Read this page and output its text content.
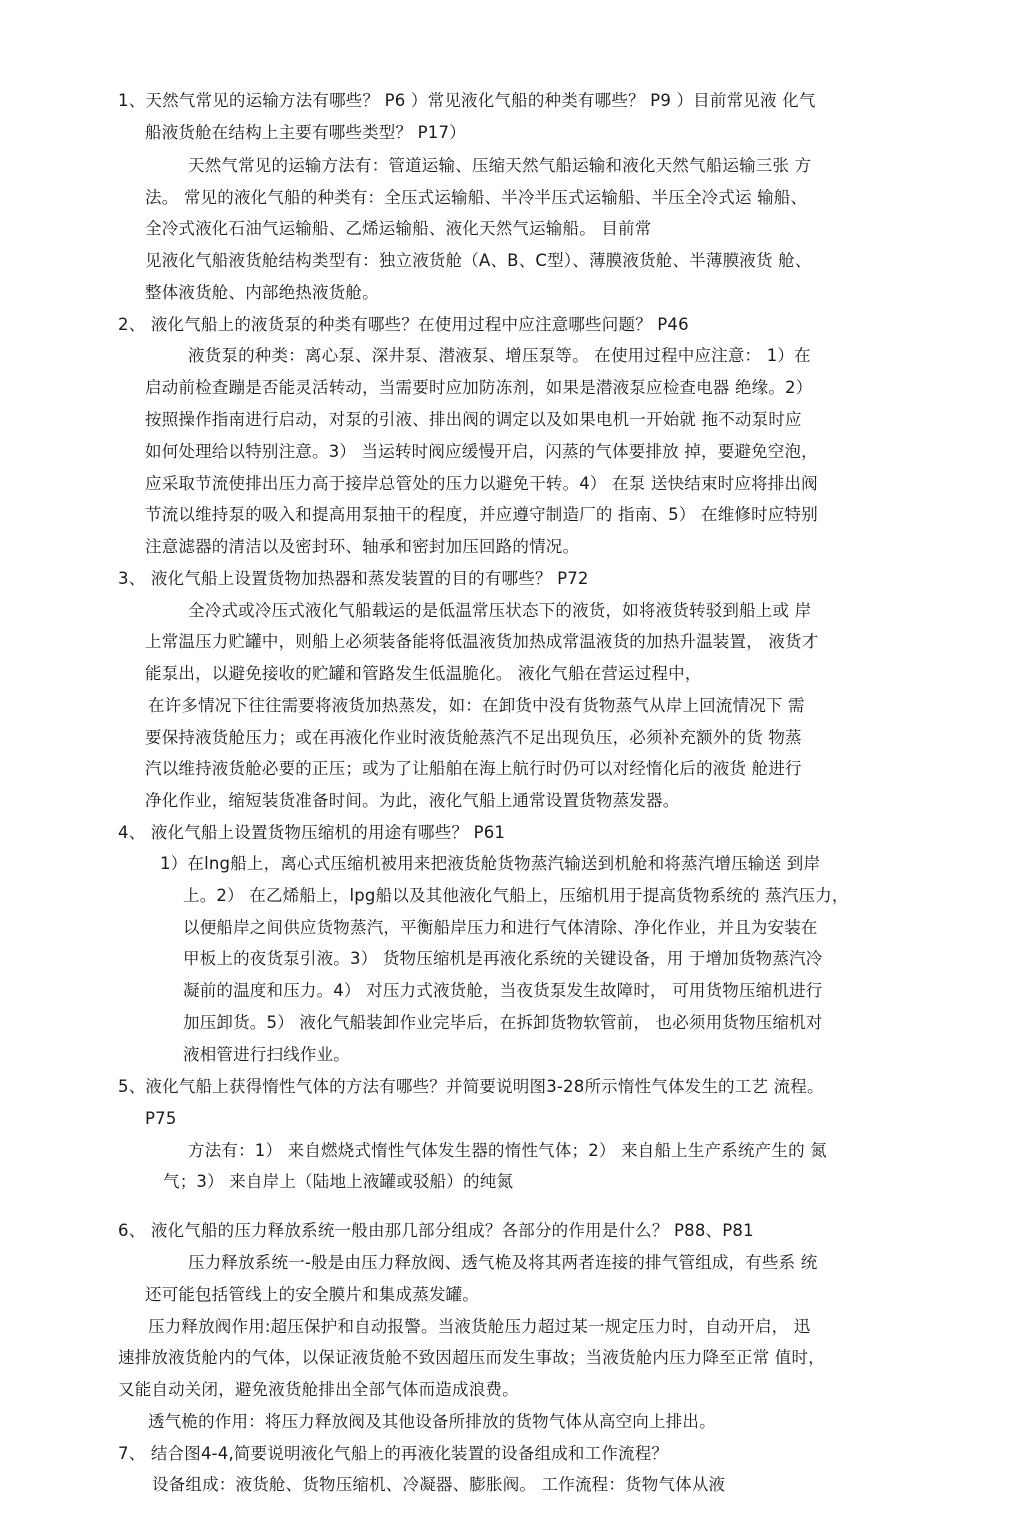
1、天然气常见的运输方法有哪些？ P6 ）常见液化气船的种类有哪些？ P9 ）目前常见液 化气
船液货舱在结构上主要有哪些类型？ P17）
天然气常见的运输方法有：管道运输、压缩天然气船运输和液化天然气船运输三张 方
法。 常见的液化气船的种类有：全压式运输船、半冷半压式运输船、半压全冷式运 输船、
全冷式液化石油气运输船、乙烯运输船、液化天然气运输船。 目前常
见液化气船液货舱结构类型有：独立液货舱（A、B、C型）、薄膜液货舱、半薄膜液货 舱、
整体液货舱、内部绝热液货舱。
2、 液化气船上的液货泵的种类有哪些？在使用过程中应注意哪些问题？ P46
液货泵的种类：离心泵、深井泵、潜液泵、增压泵等。 在使用过程中应注意： 1）在
启动前检查蹦是否能灵活转动，当需要时应加防冻剂，如果是潜液泵应检查电器 绝缘。2）
按照操作指南进行启动，对泵的引液、排出阀的调定以及如果电机一开始就 拖不动泵时应
如何处理给以特别注意。3） 当运转时阀应缓慢开启，闪蒸的气体要排放 掉，要避免空泡，
应采取节流使排出压力高于接岸总管处的压力以避免干转。4） 在泵 送快结束时应将排出阀
节流以维持泵的吸入和提高用泵抽干的程度，并应遵守制造厂的 指南、5） 在维修时应特别
注意滤器的清洁以及密封环、轴承和密封加压回路的情况。
3、 液化气船上设置货物加热器和蒸发装置的目的有哪些？ P72
全冷式或冷压式液化气船载运的是低温常压状态下的液货，如将液货转驳到船上或 岸
上常温压力贮罐中，则船上必须装备能将低温液货加热成常温液货的加热升温装置， 液货才
能泵出，以避免接收的贮罐和管路发生低温脆化。 液化气船在营运过程中，
在许多情况下往往需要将液货加热蒸发，如：在卸货中没有货物蒸气从岸上回流情况下 需
要保持液货舱压力；或在再液化作业时液货舱蒸汽不足出现负压，必须补充额外的货 物蒸
汽以维持液货舱必要的正压；或为了让船舶在海上航行时仍可以对经惰化后的液货 舱进行
净化作业，缩短装货准备时间。为此，液化气船上通常设置货物蒸发器。
4、 液化气船上设置货物压缩机的用途有哪些？ P61
1）在lng船上，离心式压缩机被用来把液货舱货物蒸汽输送到机舱和将蒸汽增压输送 到岸
上。2） 在乙烯船上，lpg船以及其他液化气船上，压缩机用于提高货物系统的 蒸汽压力，
以便船岸之间供应货物蒸汽，平衡船岸压力和进行气体清除、净化作业，并且为安装在
甲板上的夜货泵引液。3） 货物压缩机是再液化系统的关键设备，用 于增加货物蒸汽冷
凝前的温度和压力。4） 对压力式液货舱，当夜货泵发生故障时， 可用货物压缩机进行
加压卸货。5） 液化气船装卸作业完毕后，在拆卸货物软管前， 也必须用货物压缩机对
液相管进行扫线作业。
5、液化气船上获得惰性气体的方法有哪些？并简要说明图3-28所示惰性气体发生的工艺 流程。
P75
方法有：1） 来自燃烧式惰性气体发生器的惰性气体；2） 来自船上生产系统产生的 氮
气；3） 来自岸上（陆地上液罐或驳船）的纯氮
6、 液化气船的压力释放系统一般由那几部分组成？各部分的作用是什么？ P88、P81
压力释放系统一-般是由压力释放阀、透气桅及将其两者连接的排气管组成，有些系 统
还可能包括管线上的安全膜片和集成蒸发罐。
压力释放阀作用:超压保护和自动报警。当液货舱压力超过某一规定压力时，自动开启， 迅
速排放液货舱内的气体，以保证液货舱不致因超压而发生事故；当液货舱内压力降至正常 值时，
又能自动关闭，避免液货舱排出全部气体而造成浪费。
透气桅的作用：将压力释放阀及其他设备所排放的货物气体从高空向上排出。
7、 结合图4-4,简要说明液化气船上的再液化装置的设备组成和工作流程？
设备组成：液货舱、货物压缩机、冷凝器、膨胀阀。 工作流程：货物气体从液
